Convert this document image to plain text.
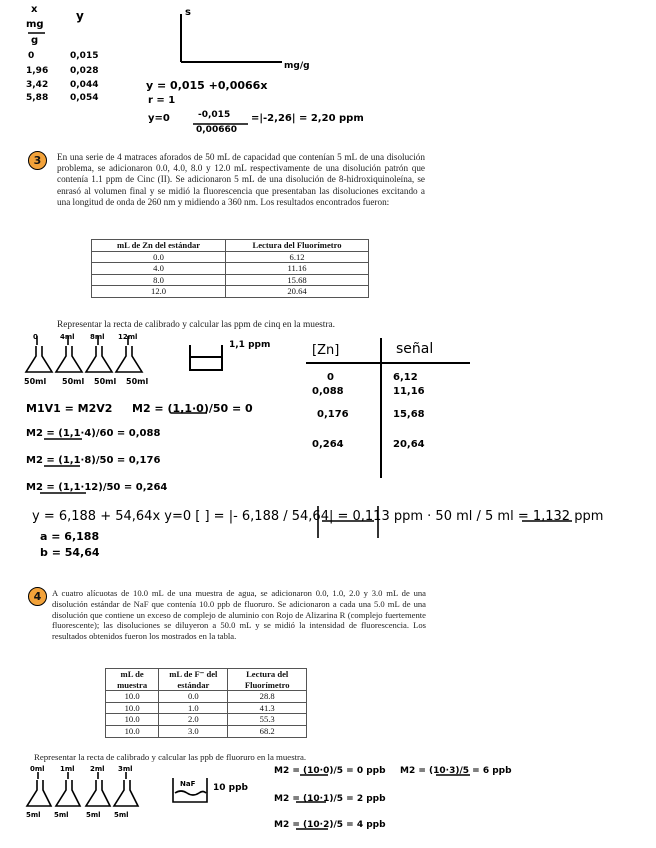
x	y
mg
g
0	0,015
1,96 0,028
3,42 0,044
5,88 0,054
s
mg/g
y = 0,015 +0,0066x
r = 1
y=0	-0,015
0,00660
=|-2,26| = 2,20 ppm
3	En una serie de 4 matraces aforados de 50 mL de capacidad que contenían 5 mL de una disolución problema, se adicionaron 0.0, 4.0, 8.0 y 12.0 mL respectivamente de una disolución patrón que contenía 1.1 ppm de Cinc (II). Se adicionaron 5 mL de una disolución de 8-hidroxiquinoleína, se enrasó al volumen final y se midió la fluorescencia que presentaban las disoluciones excitando a una longitud de onda de 260 nm y midiendo a 360 nm. Los resultados encontrados fueron:
mL de Zn del estándar	Lectura del Fluorímetro
0.0	6.12
4.0	11.16
8.0	15.68
12.0	20.64
Representar la recta de calibrado y calcular las ppm de cinq en la muestra.
0	4ml 8ml 12ml
50ml 50ml 50ml 50ml
1,1 ppm	[Zn]	señal
0	6,12
0,088	11,16
0,176	15,68
0,264	20,64
M1V1 = M2V2 M2 = (1,1·0)/50 = 0
M2 = (1,1·4)/60 = 0,088
M2 = (1,1·8)/50 = 0,176
M2 = (1,1·12)/50 = 0,264
y = 6,188 + 54,64x y=0 [ ] = |- 6,188 / 54,64| = 0,113 ppm · 50 ml / 5 ml = 1,132 ppm
a = 6,188
b = 54,64
4	A cuatro alícuotas de 10.0 mL de una muestra de agua, se adicionaron 0.0, 1.0, 2.0 y 3.0 mL de una disolución estándar de NaF que contenía 10.0 ppb de fluoruro. Se adicionaron a cada una 5.0 mL de una disolución que contiene un exceso de complejo de aluminio con Rojo de Alizarina R (complejo fuertemente fluorescente); las disoluciones se diluyeron a 50.0 mL y se midió la intensidad de fluorescencia. Los resultados obtenidos fueron los mostrados en la tabla.
mL de muestra	mL de F⁻ del estándar	Lectura del Fluorímetro
10.0	0.0	28.8
10.0	1.0	41.3
10.0	2.0	55.3
10.0	3.0	68.2
Representar la recta de calibrado y calcular las ppb de fluoruro en la muestra.
0ml 1ml 2ml 3ml
5ml 5ml 5ml 5ml
NaF 10 ppb
M2 = (10·0)/5 = 0 ppb
M2 = (10·1)/5 = 2 ppb
M2 = (10·2)/5 = 4 ppb
M2 = (10·3)/5 = 6 ppb
